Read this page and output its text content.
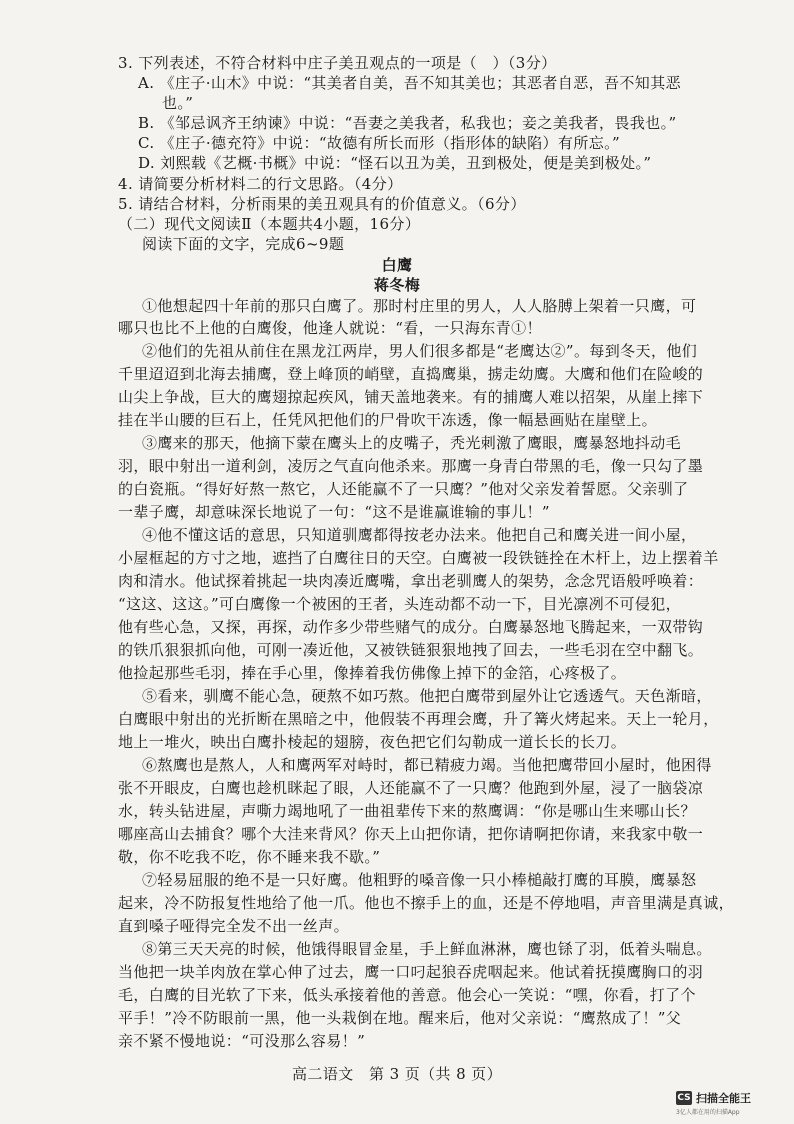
3. 下列表述，不符合材料中庄子美丑观点的一项是（　）（3分）
A. 《庄子·山木》中说：“其美者自美，吾不知其美也；其恶者自恶，吾不知其恶
也。”
B. 《邹忌讽齐王纳谏》中说：“吾妻之美我者，私我也；妾之美我者，畏我也。”
C. 《庄子·德充符》中说：“故德有所长而形（指形体的缺陷）有所忘。”
D. 刘熙载《艺概·书概》中说：“怪石以丑为美，丑到极处，便是美到极处。”
4. 请简要分析材料二的行文思路。（4分）
5. 请结合材料，分析雨果的美丑观具有的价值意义。（6分）
（二）现代文阅读Ⅱ（本题共4小题，16分）
阅读下面的文字，完成6~9题
白鹰
蒋冬梅
①他想起四十年前的那只白鹰了。那时村庄里的男人，人人胳膊上架着一只鹰，可
哪只也比不上他的白鹰俊，他逢人就说：“看，一只海东青①！
②他们的先祖从前住在黑龙江两岸，男人们很多都是“老鹰达②”。每到冬天，他们
千里迢迢到北海去捕鹰，登上峰顶的峭壁，直捣鹰巢，掳走幼鹰。大鹰和他们在险峻的
山尖上争战，巨大的鹰翅掠起疾风，铺天盖地袭来。有的捕鹰人难以招架，从崖上摔下
挂在半山腰的巨石上，任凭风把他们的尸骨吹干冻透，像一幅悬画贴在崖壁上。
③鹰来的那天，他摘下蒙在鹰头上的皮嘴子，秃光刺激了鹰眼，鹰暴怒地抖动毛
羽，眼中射出一道利剑，凌厉之气直向他杀来。那鹰一身青白带黑的毛，像一只勾了墨
的白瓷瓶。“得好好熬一熬它，人还能赢不了一只鹰？”他对父亲发着誓愿。父亲驯了
一辈子鹰，却意味深长地说了一句：“这不是谁赢谁输的事儿！”
④他不懂这话的意思，只知道驯鹰都得按老办法来。他把自己和鹰关进一间小屋，
小屋框起的方寸之地，遮挡了白鹰往日的天空。白鹰被一段铁链拴在木杆上，边上摆着羊
肉和清水。他试探着挑起一块肉凑近鹰嘴，拿出老驯鹰人的架势，念念咒语般呼唤着：
“这这、这这。”可白鹰像一个被困的王者，头连动都不动一下，目光凛冽不可侵犯，
他有些心急，又探，再探，动作多少带些赌气的成分。白鹰暴怒地飞腾起来，一双带钩
的铁爪狠狠抓向他，可刚一凑近他，又被铁链狠狠地拽了回去，一些毛羽在空中翻飞。
他捡起那些毛羽，捧在手心里，像捧着我仿佛像上掉下的金箔，心疼极了。
⑤看来，驯鹰不能心急，硬熬不如巧熬。他把白鹰带到屋外让它透透气。天色渐暗，
白鹰眼中射出的光折断在黑暗之中，他假装不再理会鹰，升了篝火烤起来。天上一轮月，
地上一堆火，映出白鹰扑棱起的翅膀，夜色把它们勾勒成一道长长的长刀。
⑥熬鹰也是熬人，人和鹰两军对峙时，都已精疲力竭。当他把鹰带回小屋时，他困得
张不开眼皮，白鹰也趁机眯起了眼，人还能赢不了一只鹰？他跑到外屋，浸了一脑袋凉
水，转头钻进屋，声嘶力竭地吼了一曲祖辈传下来的熬鹰调：“你是哪山生来哪山长？
哪座高山去捕食？哪个大洼来背风？你天上山把你请，把你请啊把你请，来我家中敬一
敬，你不吃我不吃，你不睡来我不歇。”
⑦轻易屈服的绝不是一只好鹰。他粗野的嗓音像一只小棒槌敲打鹰的耳膜，鹰暴怒
起来，冷不防报复性地给了他一爪。他也不擦手上的血，还是不停地唱，声音里满是真诚，
直到嗓子哑得完全发不出一丝声。
⑧第三天天亮的时候，他饿得眼冒金星，手上鲜血淋淋，鹰也铩了羽，低着头喘息。
当他把一块羊肉放在掌心伸了过去，鹰一口叼起狼吞虎咽起来。他试着抚摸鹰胸口的羽
毛，白鹰的目光软了下来，低头承接着他的善意。他会心一笑说：“嘿，你看，打了个
平手！”冷不防眼前一黑，他一头栽倒在地。醒来后，他对父亲说：“鹰熬成了！”父
亲不紧不慢地说：“可没那么容易！”
高二语文　第 3 页（共 8 页）
CS 扫描全能王
3亿人都在用的扫描App
